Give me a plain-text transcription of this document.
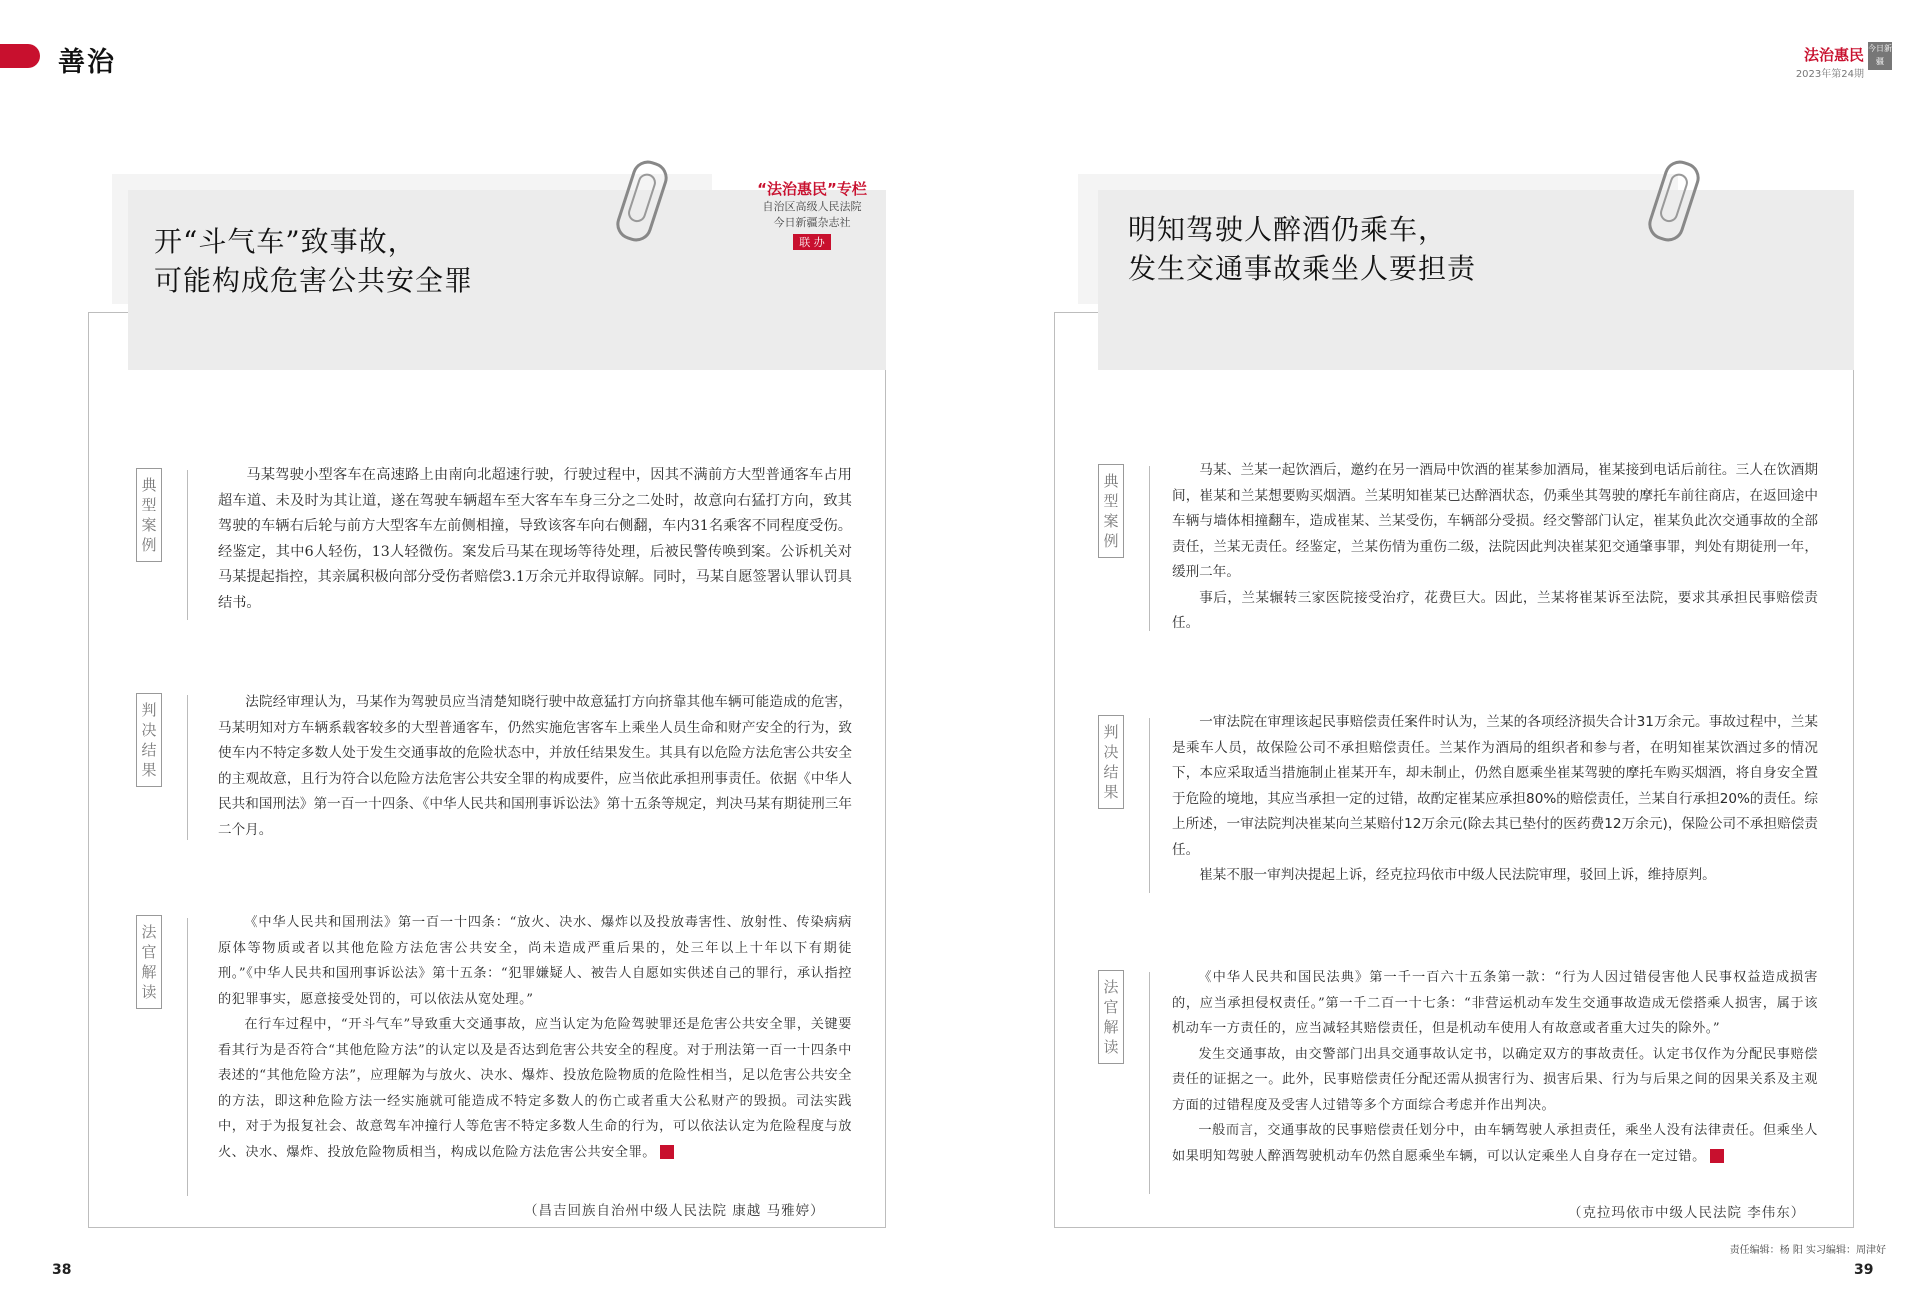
善治	法治惠民
2023年第24期
今日新疆
开“斗气车”致事故，
可能构成危害公共安全罪
“法治惠民”专栏
自治区高级人民法院
今日新疆杂志社
联 办
典型案例

马某驾驶小型客车在高速路上由南向北超速行驶，行驶过程中，因其不满前方大型普通客车占用超车道、未及时为其让道，遂在驾驶车辆超车至大客车车身三分之二处时，故意向右猛打方向，致其驾驶的车辆右后轮与前方大型客车左前侧相撞，导致该客车向右侧翻，车内31名乘客不同程度受伤。经鉴定，其中6人轻伤，13人轻微伤。案发后马某在现场等待处理，后被民警传唤到案。公诉机关对马某提起指控，其亲属积极向部分受伤者赔偿3.1万余元并取得谅解。同时，马某自愿签署认罪认罚具结书。

判决结果

法院经审理认为，马某作为驾驶员应当清楚知晓行驶中故意猛打方向挤靠其他车辆可能造成的危害，马某明知对方车辆系载客较多的大型普通客车，仍然实施危害客车上乘坐人员生命和财产安全的行为，致使车内不特定多数人处于发生交通事故的危险状态中，并放任结果发生。其具有以危险方法危害公共安全的主观故意，且行为符合以危险方法危害公共安全罪的构成要件，应当依此承担刑事责任。依据《中华人民共和国刑法》第一百一十四条、《中华人民共和国刑事诉讼法》第十五条等规定，判决马某有期徒刑三年二个月。

法官解读

《中华人民共和国刑法》第一百一十四条：“放火、决水、爆炸以及投放毒害性、放射性、传染病病原体等物质或者以其他危险方法危害公共安全，尚未造成严重后果的，处三年以上十年以下有期徒刑。”《中华人民共和国刑事诉讼法》第十五条：“犯罪嫌疑人、被告人自愿如实供述自己的罪行，承认指控的犯罪事实，愿意接受处罚的，可以依法从宽处理。”

在行车过程中，“开斗气车”导致重大交通事故，应当认定为危险驾驶罪还是危害公共安全罪，关键要看其行为是否符合“其他危险方法”的认定以及是否达到危害公共安全的程度。对于刑法第一百一十四条中表述的“其他危险方法”，应理解为与放火、决水、爆炸、投放危险物质的危险性相当，足以危害公共安全的方法，即这种危险方法一经实施就可能造成不特定多数人的伤亡或者重大公私财产的毁损。司法实践中，对于为报复社会、故意驾车冲撞行人等危害不特定多数人生命的行为，可以依法认定为危险程度与放火、决水、爆炸、投放危险物质相当，构成以危险方法危害公共安全罪。	◢

（昌吉回族自治州中级人民法院 康越 马雅婷）
38
明知驾驶人醉酒仍乘车，
发生交通事故乘坐人要担责
典型案例

马某、兰某一起饮酒后，邀约在另一酒局中饮酒的崔某参加酒局，崔某接到电话后前往。三人在饮酒期间，崔某和兰某想要购买烟酒。兰某明知崔某已达醉酒状态，仍乘坐其驾驶的摩托车前往商店，在返回途中车辆与墙体相撞翻车，造成崔某、兰某受伤，车辆部分受损。经交警部门认定，崔某负此次交通事故的全部责任，兰某无责任。经鉴定，兰某伤情为重伤二级，法院因此判决崔某犯交通肇事罪，判处有期徒刑一年，缓刑二年。

事后，兰某辗转三家医院接受治疗，花费巨大。因此，兰某将崔某诉至法院，要求其承担民事赔偿责任。

判决结果

一审法院在审理该起民事赔偿责任案件时认为，兰某的各项经济损失合计31万余元。事故过程中，兰某是乘车人员，故保险公司不承担赔偿责任。兰某作为酒局的组织者和参与者，在明知崔某饮酒过多的情况下，本应采取适当措施制止崔某开车，却未制止，仍然自愿乘坐崔某驾驶的摩托车购买烟酒，将自身安全置于危险的境地，其应当承担一定的过错，故酌定崔某应承担80%的赔偿责任，兰某自行承担20%的责任。综上所述，一审法院判决崔某向兰某赔付12万余元(除去其已垫付的医药费12万余元)，保险公司不承担赔偿责任。

崔某不服一审判决提起上诉，经克拉玛依市中级人民法院审理，驳回上诉，维持原判。

法官解读

《中华人民共和国民法典》第一千一百六十五条第一款：“行为人因过错侵害他人民事权益造成损害的，应当承担侵权责任。”第一千二百一十七条：“非营运机动车发生交通事故造成无偿搭乘人损害，属于该机动车一方责任的，应当减轻其赔偿责任，但是机动车使用人有故意或者重大过失的除外。”

发生交通事故，由交警部门出具交通事故认定书，以确定双方的事故责任。认定书仅作为分配民事赔偿责任的证据之一。此外，民事赔偿责任分配还需从损害行为、损害后果、行为与后果之间的因果关系及主观方面的过错程度及受害人过错等多个方面综合考虑并作出判决。

一般而言，交通事故的民事赔偿责任划分中，由车辆驾驶人承担责任，乘坐人没有法律责任。但乘坐人如果明知驾驶人醉酒驾驶机动车仍然自愿乘坐车辆，可以认定乘坐人自身存在一定过错。	◢

（克拉玛依市中级人民法院 李伟东）
责任编辑：杨 阳 实习编辑：周津好
39
